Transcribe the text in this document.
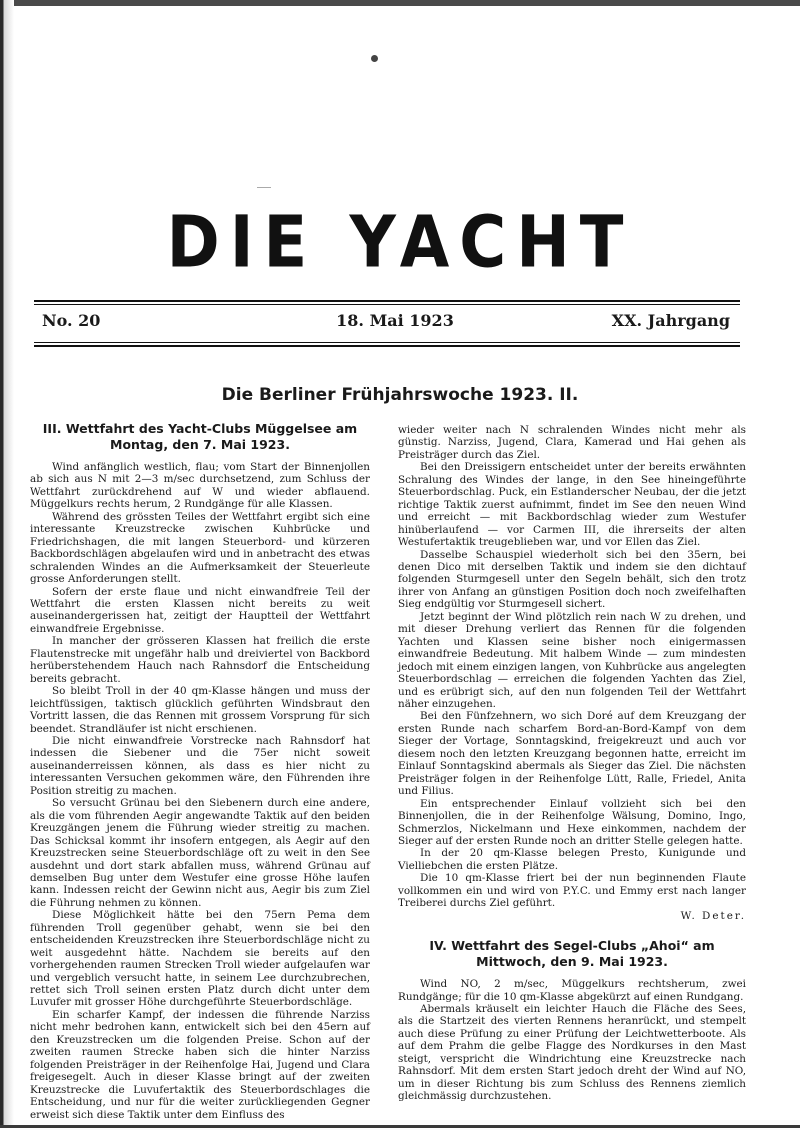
DIE YACHT
No. 20	18. Mai 1923	XX. Jahrgang
Die Berliner Frühjahrswoche 1923. II.
III. Wettfahrt des Yacht-Clubs Müggelsee am Montag, den 7. Mai 1923.

Wind anfänglich westlich, flau; vom Start der Binnenjollen ab sich aus N mit 2—3 m/sec durchsetzend, zum Schluss der Wettfahrt zurückdrehend auf W und wieder abflauend. Müggelkurs rechts herum, 2 Rundgänge für alle Klassen.

Während des grössten Teiles der Wettfahrt ergibt sich eine interessante Kreuzstrecke zwischen Kuhbrücke und Friedrichshagen, die mit langen Steuerbord- und kürzeren Backbordschlägen abgelaufen wird und in anbetracht des etwas schralenden Windes an die Aufmerksamkeit der Steuerleute grosse Anforderungen stellt.

Sofern der erste flaue und nicht einwandfreie Teil der Wettfahrt die ersten Klassen nicht bereits zu weit auseinandergerissen hat, zeitigt der Hauptteil der Wettfahrt einwandfreie Ergebnisse.

In mancher der grösseren Klassen hat freilich die erste Flautenstrecke mit ungefähr halb und dreiviertel von Backbord herüberstehendem Hauch nach Rahnsdorf die Entscheidung bereits gebracht.

So bleibt Troll in der 40 qm-Klasse hängen und muss der leichtfüssigen, taktisch glücklich geführten Windsbraut den Vortritt lassen, die das Rennen mit grossem Vorsprung für sich beendet. Strandläufer ist nicht erschienen.

Die nicht einwandfreie Vorstrecke nach Rahnsdorf hat indessen die Siebener und die 75er nicht soweit auseinanderreissen können, als dass es hier nicht zu interessanten Versuchen gekommen wäre, den Führenden ihre Position streitig zu machen.

So versucht Grünau bei den Siebenern durch eine andere, als die vom führenden Aegir angewandte Taktik auf den beiden Kreuzgängen jenem die Führung wieder streitig zu machen. Das Schicksal kommt ihr insofern entgegen, als Aegir auf den Kreuzstrecken seine Steuerbordschläge oft zu weit in den See ausdehnt und dort stark abfallen muss, während Grünau auf demselben Bug unter dem Westufer eine grosse Höhe laufen kann. Indessen reicht der Gewinn nicht aus, Aegir bis zum Ziel die Führung nehmen zu können.

Diese Möglichkeit hätte bei den 75ern Pema dem führenden Troll gegenüber gehabt, wenn sie bei den entscheidenden Kreuzstrecken ihre Steuerbordschläge nicht zu weit ausgedehnt hätte. Nachdem sie bereits auf den vorhergehenden raumen Strecken Troll wieder aufgelaufen war und vergeblich versucht hatte, in seinem Lee durchzubrechen, rettet sich Troll seinen ersten Platz durch dicht unter dem Luvufer mit grosser Höhe durchgeführte Steuerbordschläge.

Ein scharfer Kampf, der indessen die führende Narziss nicht mehr bedrohen kann, entwickelt sich bei den 45ern auf den Kreuzstrecken um die folgenden Preise. Schon auf der zweiten raumen Strecke haben sich die hinter Narziss folgenden Preisträger in der Reihenfolge Hai, Jugend und Clara freigesegelt. Auch in dieser Klasse bringt auf der zweiten Kreuzstrecke die Luvufertaktik des Steuerbordschlages die Entscheidung, und nur für die weiter zurückliegenden Gegner erweist sich diese Taktik unter dem Einfluss des

wieder weiter nach N schralenden Windes nicht mehr als günstig. Narziss, Jugend, Clara, Kamerad und Hai gehen als Preisträger durch das Ziel.

Bei den Dreissigern entscheidet unter der bereits erwähnten Schralung des Windes der lange, in den See hineingeführte Steuerbordschlag. Puck, ein Estlanderscher Neubau, der die jetzt richtige Taktik zuerst aufnimmt, findet im See den neuen Wind und erreicht — mit Backbordschlag wieder zum Westufer hinüberlaufend — vor Carmen III, die ihrerseits der alten Westufertaktik treugeblieben war, und vor Ellen das Ziel.

Dasselbe Schauspiel wiederholt sich bei den 35ern, bei denen Dico mit derselben Taktik und indem sie den dichtauf folgenden Sturmgesell unter den Segeln behält, sich den trotz ihrer von Anfang an günstigen Position doch noch zweifelhaften Sieg endgültig vor Sturmgesell sichert.

Jetzt beginnt der Wind plötzlich rein nach W zu drehen, und mit dieser Drehung verliert das Rennen für die folgenden Yachten und Klassen seine bisher noch einigermassen einwandfreie Bedeutung. Mit halbem Winde — zum mindesten jedoch mit einem einzigen langen, von Kuhbrücke aus angelegten Steuerbordschlag — erreichen die folgenden Yachten das Ziel, und es erübrigt sich, auf den nun folgenden Teil der Wettfahrt näher einzugehen.

Bei den Fünfzehnern, wo sich Doré auf dem Kreuzgang der ersten Runde nach scharfem Bord-an-Bord-Kampf von dem Sieger der Vortage, Sonntagskind, freigekreuzt und auch vor diesem noch den letzten Kreuzgang begonnen hatte, erreicht im Einlauf Sonntagskind abermals als Sieger das Ziel. Die nächsten Preisträger folgen in der Reihenfolge Lütt, Ralle, Friedel, Anita und Filius.

Ein entsprechender Einlauf vollzieht sich bei den Binnenjollen, die in der Reihenfolge Wälsung, Domino, Ingo, Schmerzlos, Nickelmann und Hexe einkommen, nachdem der Sieger auf der ersten Runde noch an dritter Stelle gelegen hatte.

In der 20 qm-Klasse belegen Presto, Kunigunde und Vielliebchen die ersten Plätze.

Die 10 qm-Klasse friert bei der nun beginnenden Flaute vollkommen ein und wird von P.Y.C. und Emmy erst nach langer Treiberei durchs Ziel geführt.

W. Deter.

IV. Wettfahrt des Segel-Clubs „Ahoi“ am Mittwoch, den 9. Mai 1923.

Wind NO, 2 m/sec, Müggelkurs rechtsherum, zwei Rundgänge; für die 10 qm-Klasse abgekürzt auf einen Rundgang.

Abermals kräuselt ein leichter Hauch die Fläche des Sees, als die Startzeit des vierten Rennens heranrückt, und stempelt auch diese Prüfung zu einer Prüfung der Leichtwetterboote. Als auf dem Prahm die gelbe Flagge des Nordkurses in den Mast steigt, verspricht die Windrichtung eine Kreuzstrecke nach Rahnsdorf. Mit dem ersten Start jedoch dreht der Wind auf NO, um in dieser Richtung bis zum Schluss des Rennens ziemlich gleichmässig durchzustehen.
